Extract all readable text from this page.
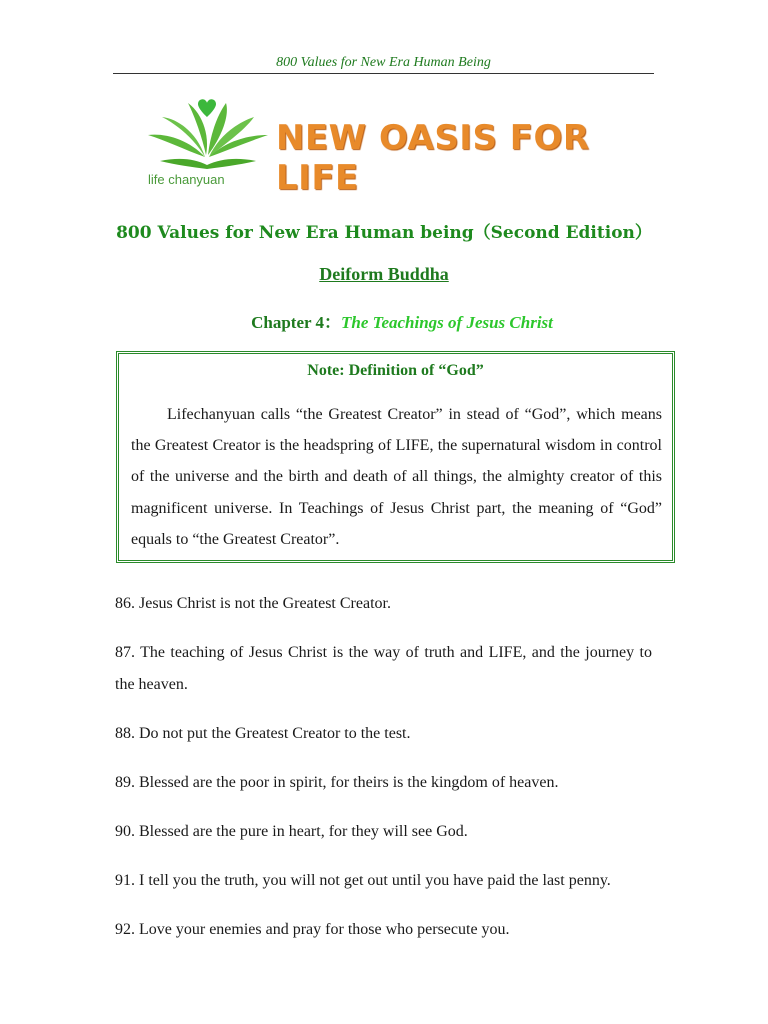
800 Values for New Era Human Being
life chanyuan
NEW OASIS FOR LIFE
800 Values for New Era Human being（Second Edition）
Deiform Buddha
Chapter 4：The Teachings of Jesus Christ
Note: Definition of “God”
Lifechanyuan calls “the Greatest Creator” in stead of “God”, which means the Greatest Creator is the headspring of LIFE, the supernatural wisdom in control of the universe and the birth and death of all things, the almighty creator of this magnificent universe. In Teachings of Jesus Christ part, the meaning of “God” equals to “the Greatest Creator”.

86. Jesus Christ is not the Greatest Creator.

87. The teaching of Jesus Christ is the way of truth and LIFE, and the journey to the heaven.

88. Do not put the Greatest Creator to the test.

89. Blessed are the poor in spirit, for theirs is the kingdom of heaven.

90. Blessed are the pure in heart, for they will see God.

91. I tell you the truth, you will not get out until you have paid the last penny.

92. Love your enemies and pray for those who persecute you.
